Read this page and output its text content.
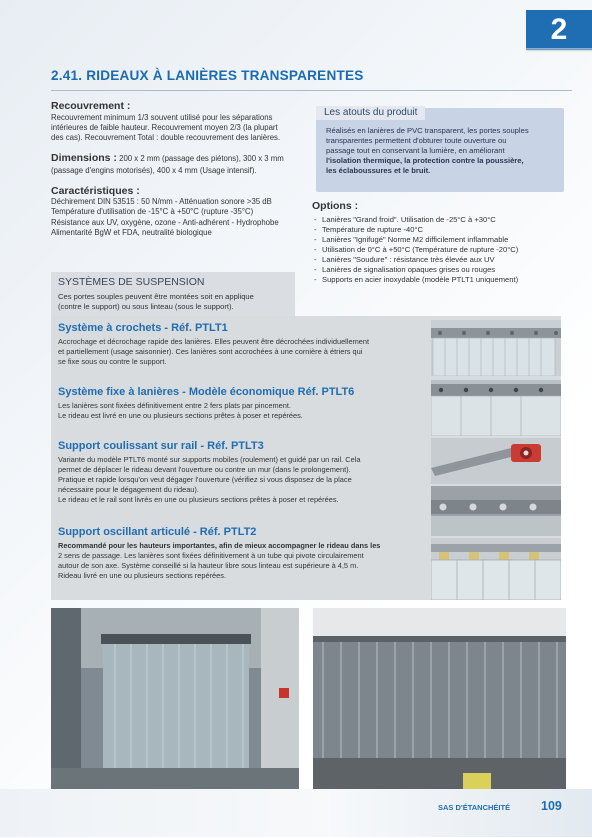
2
2.41. RIDEAUX À LANIÈRES TRANSPARENTES
Recouvrement :

Recouvrement minimum 1/3 souvent utilisé pour les séparations
intérieures de faible hauteur. Recouvrement moyen 2/3 (la plupart
des cas). Recouvrement Total : double recouvrement des lanières.

Dimensions : 200 x 2 mm (passage des piétons), 300 x 3 mm
(passage d'engins motorisés), 400 x 4 mm (Usage intensif).
Caractéristiques :

Déchirement DIN 53515 : 50 N/mm - Atténuation sonore >35 dB
Température d'utilisation de -15°C à +50°C (rupture -35°C)
Résistance aux UV, oxygène, ozone - Anti-adhérent - Hydrophobe
Alimentarité BgW et FDA, neutralité biologique

Les atouts du produit
Réalisés en lanières de PVC transparent, les portes souples
transparentes permettent d'obturer toute ouverture ou
passage tout en conservant la lumière, en améliorant
l'isolation thermique, la protection contre la poussière,
les éclaboussures et le bruit.
Options :
- Lanières "Grand froid". Utilisation de -25°C à +30°C
- Température de rupture -40°C
- Lanières "Ignifugé" Norme M2 difficilement inflammable
- Utilisation de 0°C à +50°C (Température de rupture -20°C)
- Lanières "Soudure" : résistance très élevée aux UV
- Lanières de signalisation opaques grises ou rouges
- Supports en acier inoxydable (modèle PTLT1 uniquement)
SYSTÈMES DE SUSPENSION
Ces portes souples peuvent être montées soit en applique
(contre le support) ou sous linteau (sous le support).
Système à crochets - Réf. PTLT1

Accrochage et décrochage rapide des lanières. Elles peuvent être décrochées individuellement
et partiellement (usage saisonnier). Ces lanières sont accrochées à une cornière à étriers qui
se fixe sous ou contre le support.

Système fixe à lanières - Modèle économique Réf. PTLT6

Les lanières sont fixées définitivement entre 2 fers plats par pincement.
Le rideau est livré en une ou plusieurs sections prêtes à poser et repérées.

Support coulissant sur rail - Réf. PTLT3

Variante du modèle PTLT6 monté sur supports mobiles (roulement) et guidé par un rail. Cela
permet de déplacer le rideau devant l'ouverture ou contre un mur (dans le prolongement).
Pratique et rapide lorsqu'on veut dégager l'ouverture (vérifiez si vous disposez de la place
nécessaire pour le dégagement du rideau).
Le rideau et le rail sont livrés en une ou plusieurs sections prêtes à poser et repérées.

Support oscillant articulé - Réf. PTLT2

Recommandé pour les hauteurs importantes, afin de mieux accompagner le rideau dans les
2 sens de passage. Les lanières sont fixées définitivement à un tube qui pivote circulairement
autour de son axe. Système conseillé si la hauteur libre sous linteau est supérieure à 4,5 m.
Rideau livré en une ou plusieurs sections repérées.

SAS D'ÉTANCHÉITÉ 109
